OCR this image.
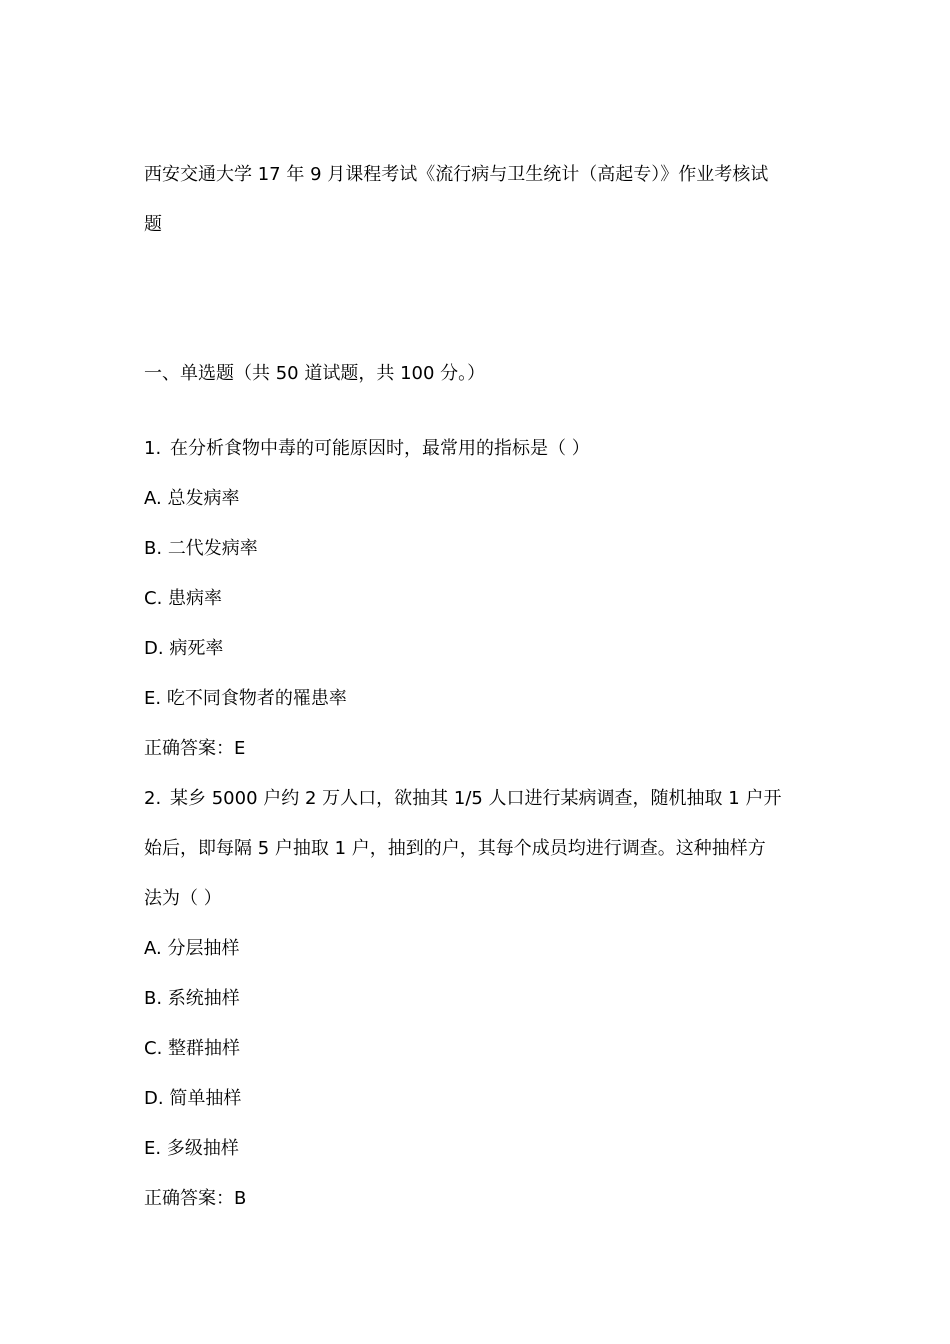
西安交通大学 17 年 9 月课程考试《流行病与卫生统计（高起专）》作业考核试
题
一、单选题（共 50 道试题，共 100 分。）
1. 在分析食物中毒的可能原因时，最常用的指标是（ ）
A. 总发病率
B. 二代发病率
C. 患病率
D. 病死率
E. 吃不同食物者的罹患率
正确答案：E
2. 某乡 5000 户约 2 万人口，欲抽其 1/5 人口进行某病调查，随机抽取 1 户开
始后，即每隔 5 户抽取 1 户，抽到的户，其每个成员均进行调查。这种抽样方
法为（ ）
A. 分层抽样
B. 系统抽样
C. 整群抽样
D. 简单抽样
E. 多级抽样
正确答案：B
